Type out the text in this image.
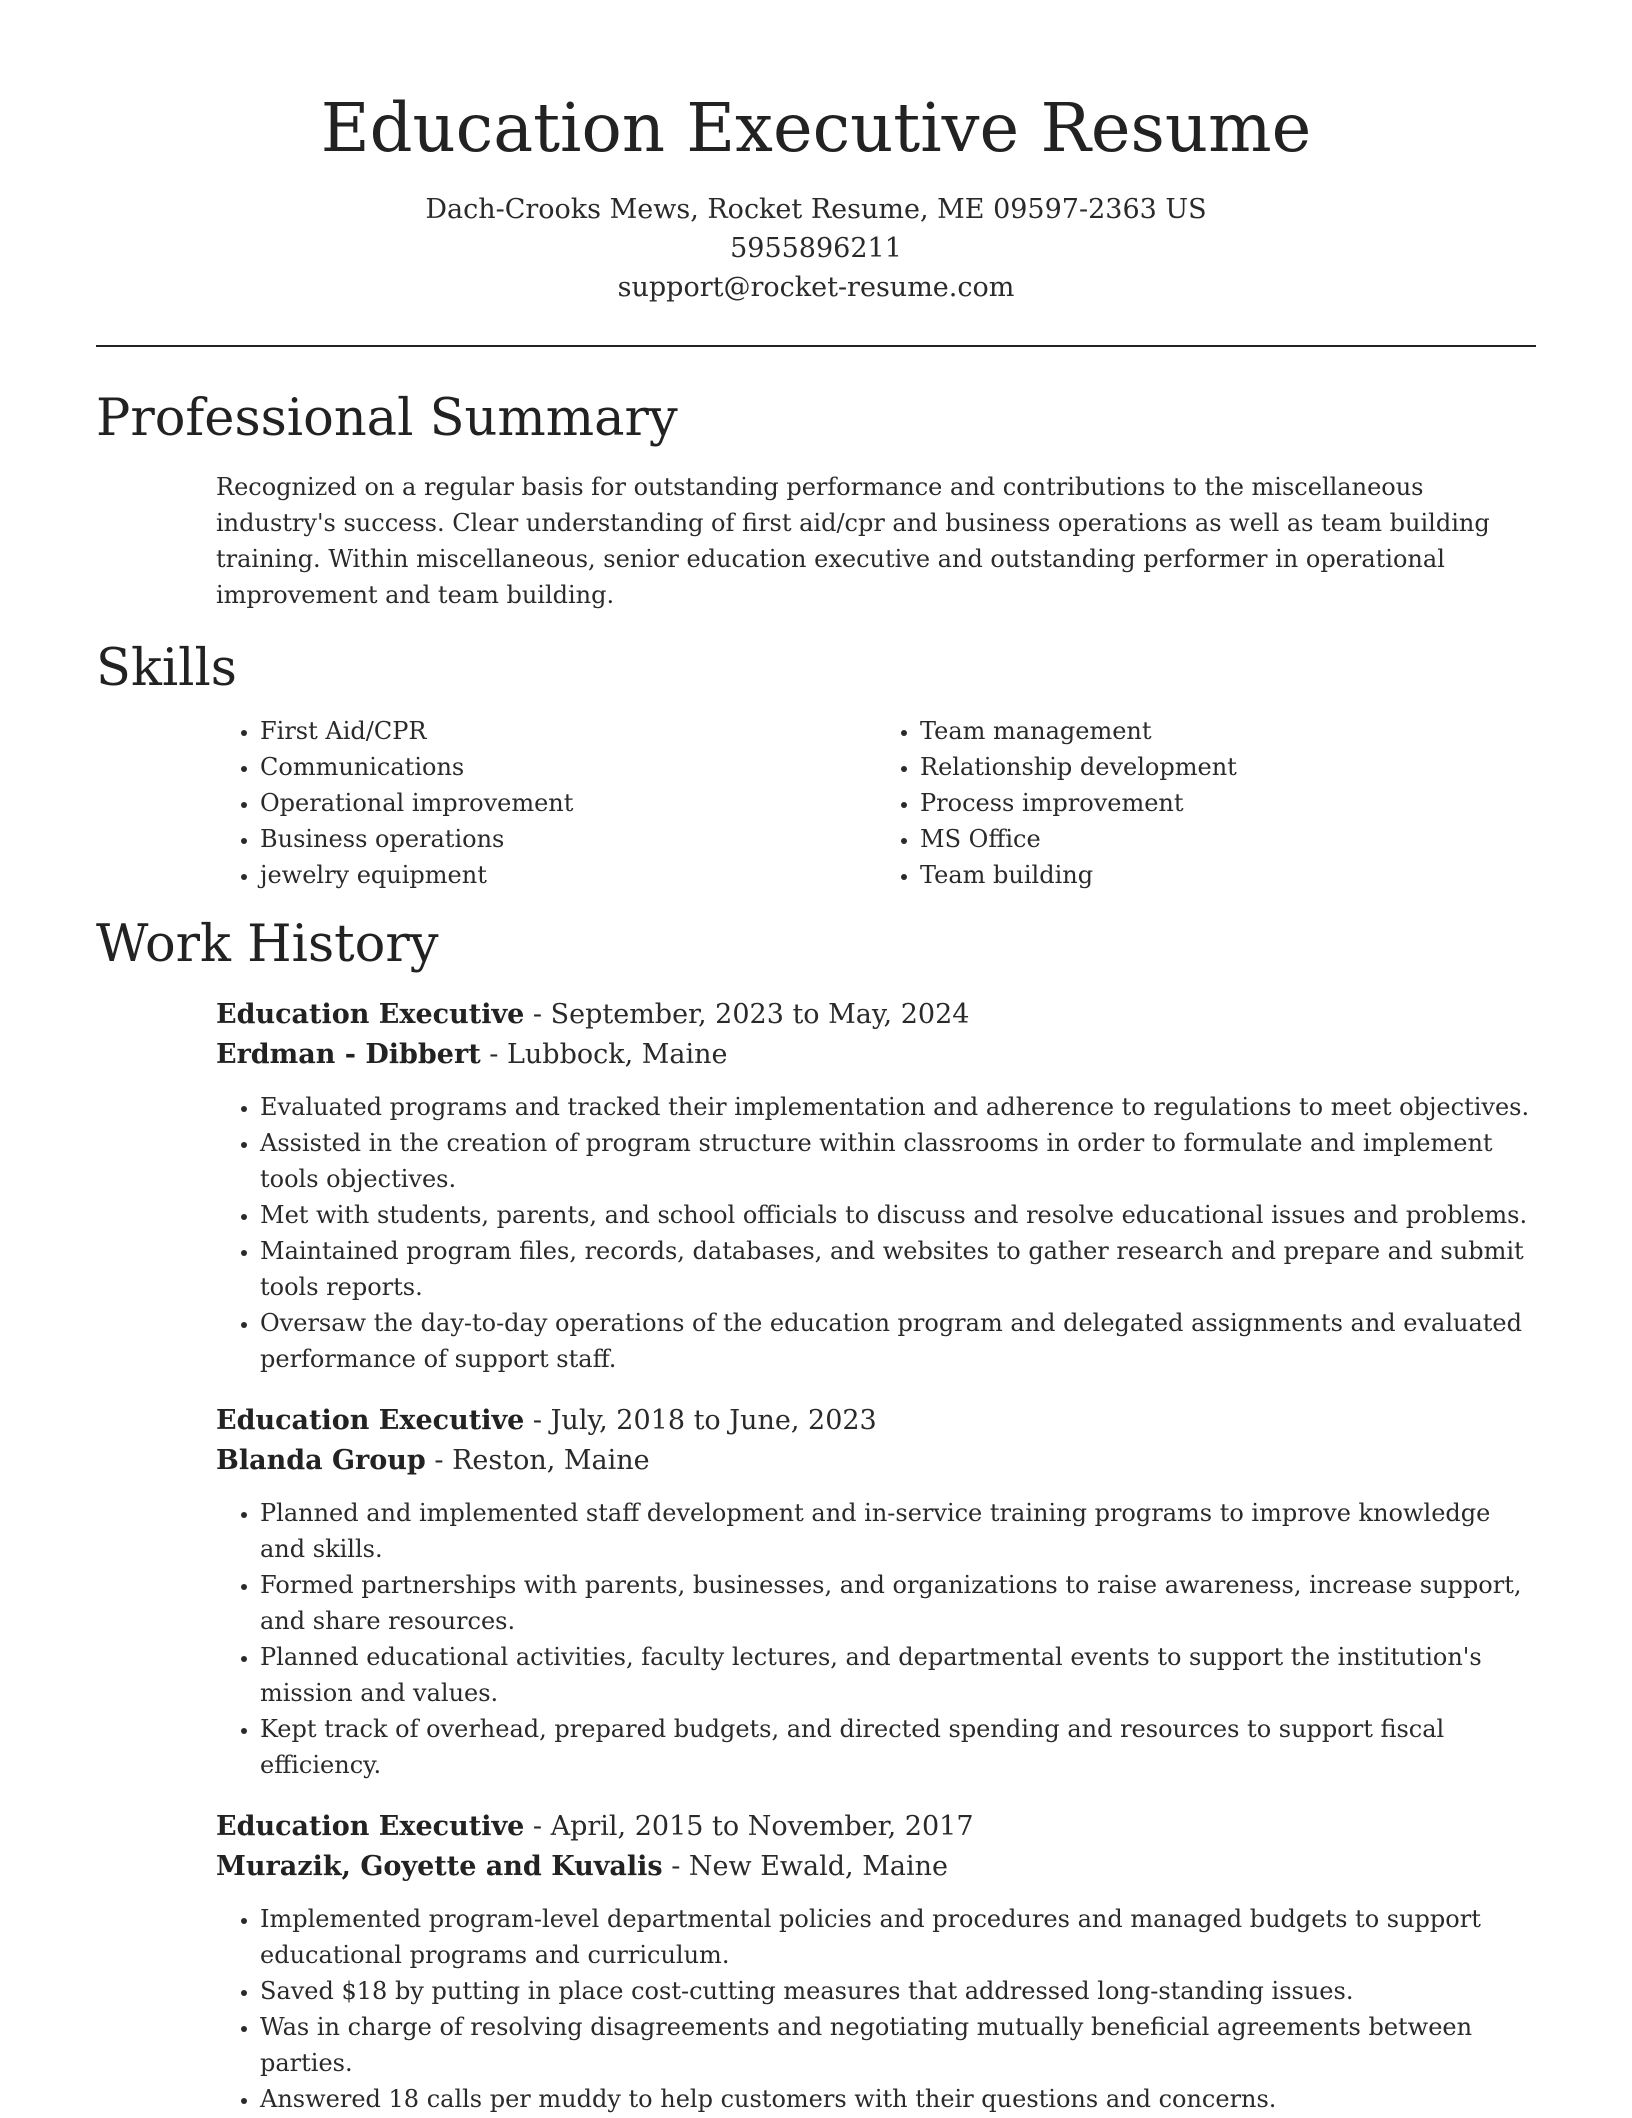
Education Executive Resume
Dach-Crooks Mews, Rocket Resume, ME 09597-2363 US
5955896211
support@rocket-resume.com
Professional Summary

Recognized on a regular basis for outstanding performance and contributions to the miscellaneous industry's success. Clear understanding of first aid/cpr and business operations as well as team building training. Within miscellaneous, senior education executive and outstanding performer in operational improvement and team building.

Skills
• First Aid/CPR
• Communications
• Operational improvement
• Business operations
• jewelry equipment
• Team management
• Relationship development
• Process improvement
• MS Office
• Team building
Work History
Education Executive - September, 2023 to May, 2024
Erdman - Dibbert - Lubbock, Maine
• Evaluated programs and tracked their implementation and adherence to regulations to meet objectives.
• Assisted in the creation of program structure within classrooms in order to formulate and implement tools objectives.
• Met with students, parents, and school officials to discuss and resolve educational issues and problems.
• Maintained program files, records, databases, and websites to gather research and prepare and submit tools reports.
• Oversaw the day-to-day operations of the education program and delegated assignments and evaluated performance of support staff.
Education Executive - July, 2018 to June, 2023
Blanda Group - Reston, Maine
• Planned and implemented staff development and in-service training programs to improve knowledge and skills.
• Formed partnerships with parents, businesses, and organizations to raise awareness, increase support, and share resources.
• Planned educational activities, faculty lectures, and departmental events to support the institution's mission and values.
• Kept track of overhead, prepared budgets, and directed spending and resources to support fiscal efficiency.
Education Executive - April, 2015 to November, 2017
Murazik, Goyette and Kuvalis - New Ewald, Maine
• Implemented program-level departmental policies and procedures and managed budgets to support educational programs and curriculum.
• Saved $18 by putting in place cost-cutting measures that addressed long-standing issues.
• Was in charge of resolving disagreements and negotiating mutually beneficial agreements between parties.
• Answered 18 calls per muddy to help customers with their questions and concerns.
